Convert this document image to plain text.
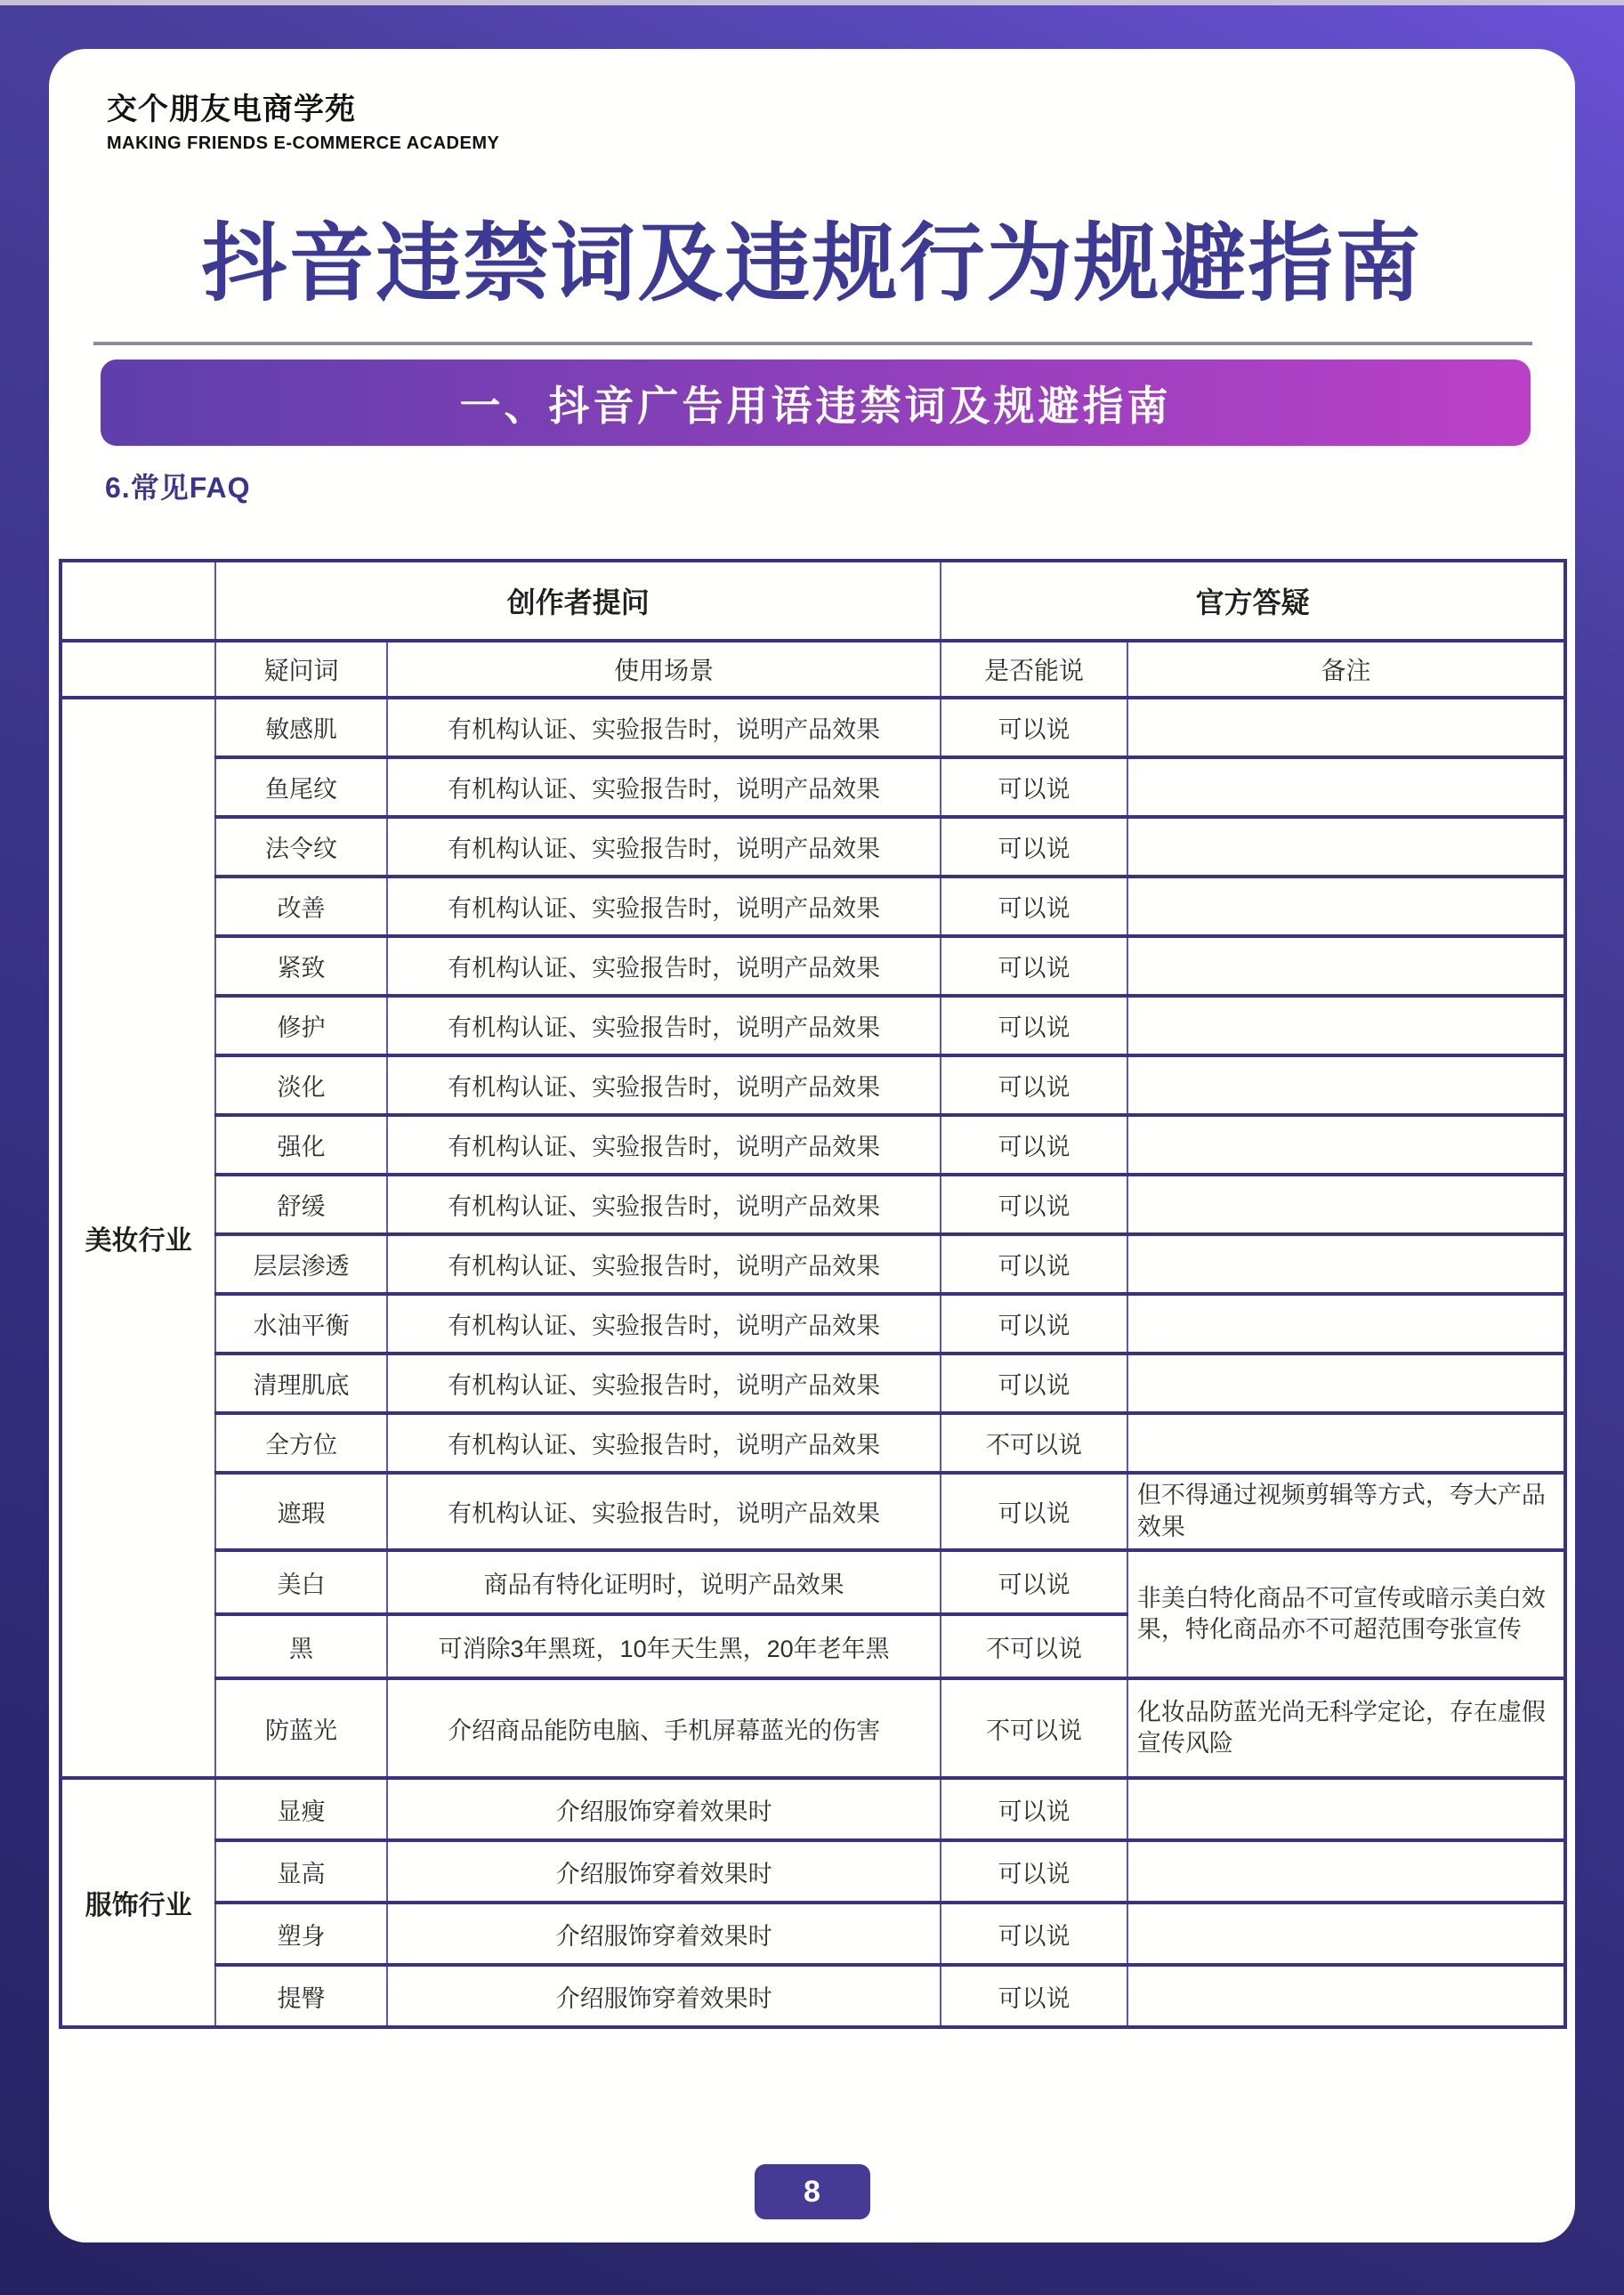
交个朋友电商学苑
MAKING FRIENDS E-COMMERCE ACADEMY
抖音违禁词及违规行为规避指南
一、抖音广告用语违禁词及规避指南
6.常见FAQ
	创作者提问		官方答疑	
	疑问词	使用场景	是否能说	备注
美妆行业	敏感肌	有机构认证、实验报告时，说明产品效果	可以说	
	鱼尾纹	有机构认证、实验报告时，说明产品效果	可以说	
	法令纹	有机构认证、实验报告时，说明产品效果	可以说	
	改善	有机构认证、实验报告时，说明产品效果	可以说	
	紧致	有机构认证、实验报告时，说明产品效果	可以说	
	修护	有机构认证、实验报告时，说明产品效果	可以说	
	淡化	有机构认证、实验报告时，说明产品效果	可以说	
	强化	有机构认证、实验报告时，说明产品效果	可以说	
	舒缓	有机构认证、实验报告时，说明产品效果	可以说	
	层层渗透	有机构认证、实验报告时，说明产品效果	可以说	
	水油平衡	有机构认证、实验报告时，说明产品效果	可以说	
	清理肌底	有机构认证、实验报告时，说明产品效果	可以说	
	全方位	有机构认证、实验报告时，说明产品效果	不可以说	
	遮瑕	有机构认证、实验报告时，说明产品效果	可以说	但不得通过视频剪辑等方式，夸大产品效果
	美白	商品有特化证明时，说明产品效果	可以说	非美白特化商品不可宣传或暗示美白效果，特化商品亦不可超范围夸张宣传
	黑	可消除3年黑斑，10年天生黑，20年老年黑	不可以说	
	防蓝光	介绍商品能防电脑、手机屏幕蓝光的伤害	不可以说	化妆品防蓝光尚无科学定论，存在虚假宣传风险
服饰行业	显瘦	介绍服饰穿着效果时	可以说	
	显高	介绍服饰穿着效果时	可以说	
	塑身	介绍服饰穿着效果时	可以说	
	提臀	介绍服饰穿着效果时	可以说	
8
